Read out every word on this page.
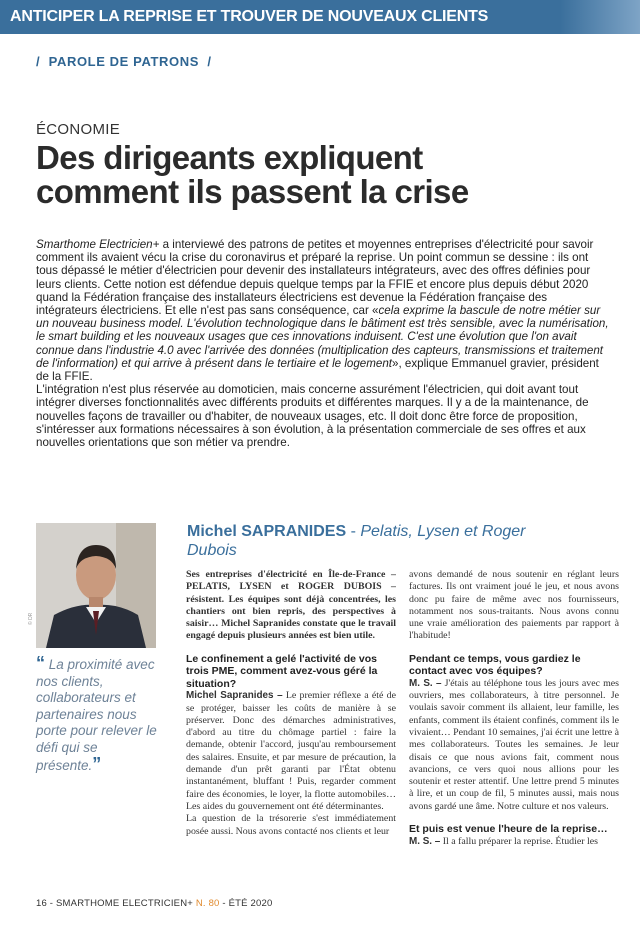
ANTICIPER LA REPRISE ET TROUVER DE NOUVEAUX CLIENTS
/ PAROLE DE PATRONS /
ÉCONOMIE
Des dirigeants expliquent comment ils passent la crise

Smarthome Electricien+ a interviewé des patrons de petites et moyennes entreprises d'électricité pour savoir comment ils avaient vécu la crise du coronavirus et préparé la reprise. Un point commun se dessine : ils ont tous dépassé le métier d'électricien pour devenir des installateurs intégrateurs, avec des offres définies pour leurs clients. Cette notion est défendue depuis quelque temps par la FFIE et encore plus depuis début 2020 quand la Fédération française des installateurs électriciens est devenue la Fédération française des intégrateurs électriciens. Et elle n'est pas sans conséquence, car «cela exprime la bascule de notre métier sur un nouveau business model. L'évolution technologique dans le bâtiment est très sensible, avec la numérisation, le smart building et les nouveaux usages que ces innovations induisent. C'est une évolution que l'on avait connue dans l'industrie 4.0 avec l'arrivée des données (multiplication des capteurs, transmissions et traitement de l'information) et qui arrive à présent dans le tertiaire et le logement», explique Emmanuel gravier, président de la FFIE.

L'intégration n'est plus réservée au domoticien, mais concerne assurément l'électricien, qui doit avant tout intégrer diverses fonctionnalités avec différents produits et différentes marques. Il y a de la maintenance, de nouvelles façons de travailler ou d'habiter, de nouveaux usages, etc. Il doit donc être force de proposition, s'intéresser aux formations nécessaires à son évolution, à la présentation commerciale de ses offres et aux nouvelles orientations que son métier va prendre.

© DR
“ La proximité avec nos clients, collaborateurs et partenaires nous porte pour relever le défi qui se présente.”
Michel SAPRANIDES - Pelatis, Lysen et Roger Dubois

Ses entreprises d'électricité en Île-de-France – PELATIS, LYSEN et ROGER DUBOIS – résistent. Les équipes sont déjà concentrées, les chantiers ont bien repris, des perspectives à saisir… Michel Sapranides constate que le travail engagé depuis plusieurs années est bien utile.

Le confinement a gelé l'activité de vos trois PME, comment avez-vous géré la situation?

Michel Sapranides – Le premier réflexe a été de se protéger, baisser les coûts de manière à se préserver. Donc des démarches administratives, d'abord au titre du chômage partiel : faire la demande, obtenir l'accord, jusqu'au remboursement des salaires. Ensuite, et par mesure de précaution, la demande d'un prêt garanti par l'État obtenu instantanément, bluffant ! Puis, regarder comment faire des économies, le loyer, la flotte automobiles… Les aides du gouvernement ont été déterminantes.

La question de la trésorerie s'est immédiatement posée aussi. Nous avons contacté nos clients et leur

avons demandé de nous soutenir en réglant leurs factures. Ils ont vraiment joué le jeu, et nous avons donc pu faire de même avec nos fournisseurs, notamment nos sous-traitants. Nous avons connu une vraie amélioration des paiements par rapport à l'habitude!

Pendant ce temps, vous gardiez le contact avec vos équipes?

M. S. – J'étais au téléphone tous les jours avec mes ouvriers, mes collaborateurs, à titre personnel. Je voulais savoir comment ils allaient, leur famille, les enfants, comment ils étaient confinés, comment ils le vivaient… Pendant 10 semaines, j'ai écrit une lettre à mes collaborateurs. Toutes les semaines. Je leur disais ce que nous avions fait, comment nous avancions, ce vers quoi nous allions pour les soutenir et rester attentif. Une lettre prend 5 minutes à lire, et un coup de fil, 5 minutes aussi, mais nous avons gardé une âme. Notre culture et nos valeurs.

Et puis est venue l'heure de la reprise…

M. S. – Il a fallu préparer la reprise. Étudier les

16 - SMARTHOME ELECTRICIEN+ N. 80 - ÉTÉ 2020
